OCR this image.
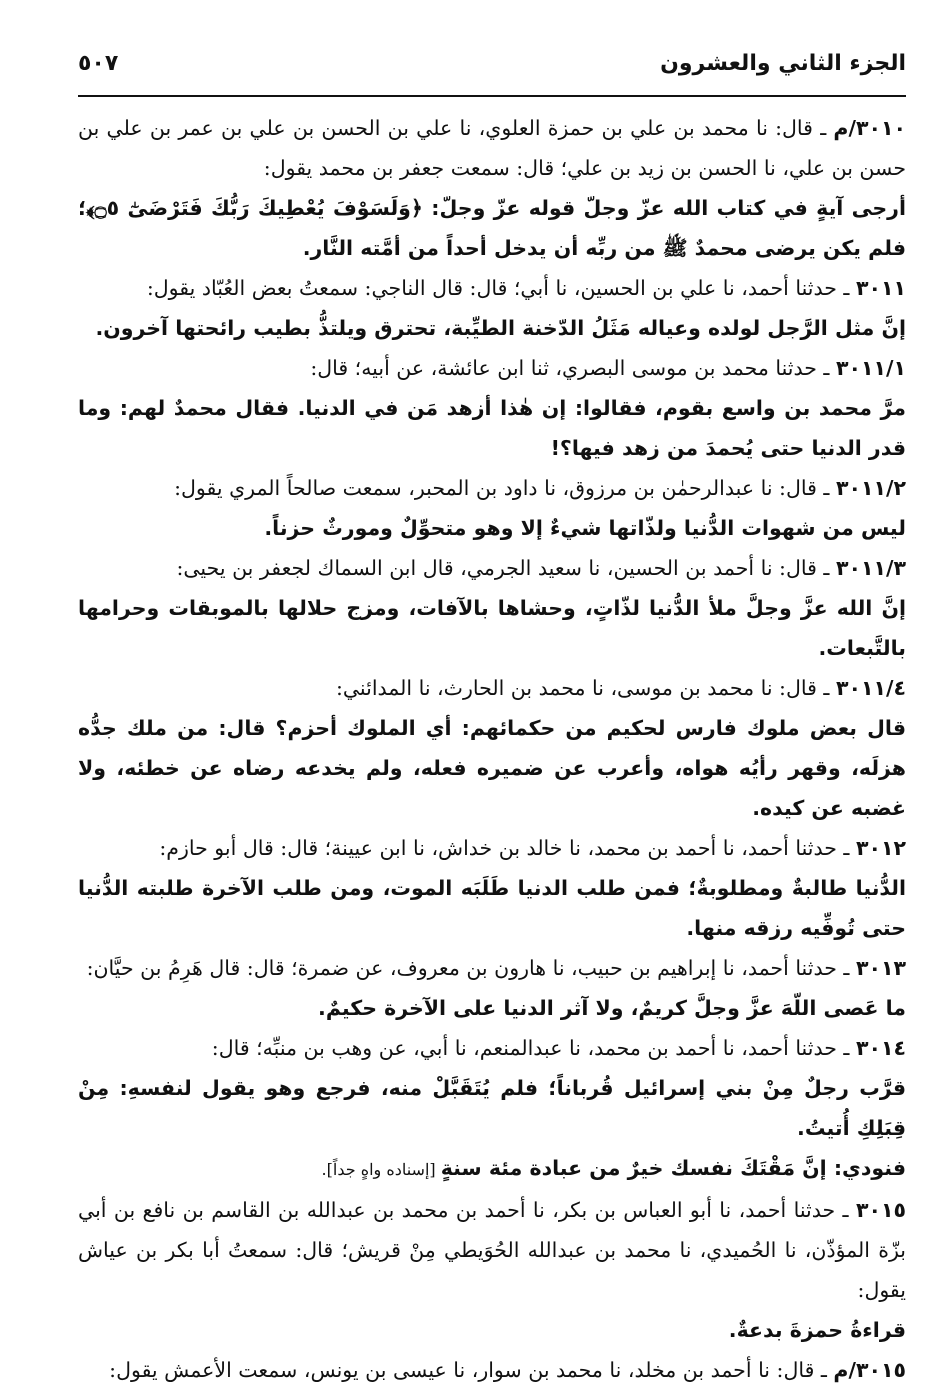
٥٠٧	الجزء الثاني والعشرون

٣٠١٠/م ـ قال: نا محمد بن علي بن حمزة العلوي، نا علي بن الحسن بن علي بن عمر بن علي بن حسن بن علي، نا الحسن بن زيد بن علي؛ قال: سمعت جعفر بن محمد يقول:

أرجى آيةٍ في كتاب الله عزّ وجلّ قوله عزّ وجلّ: ﴿وَلَسَوْفَ يُعْطِيكَ رَبُّكَ فَتَرْضَىٰٓ ۝٥﴾؛ فلم يكن يرضى محمدٌ ﷺ من ربِّه أن يدخل أحداً من أمَّته النَّار.

٣٠١١ ـ حدثنا أحمد، نا علي بن الحسين، نا أبي؛ قال: قال الناجي: سمعتُ بعض العُبّاد يقول:

إنَّ مثل الرَّجل لولده وعياله مَثَلُ الدّخنة الطيِّبة، تحترق ويلتذُّ بطيب رائحتها آخرون.

٣٠١١/١ ـ حدثنا محمد بن موسى البصري، ثنا ابن عائشة، عن أبيه؛ قال:

مرَّ محمد بن واسع بقوم، فقالوا: إن هٰذا أزهد مَن في الدنيا. فقال محمدٌ لهم: وما قدر الدنيا حتى يُحمدَ من زهد فيها؟!

٣٠١١/٢ ـ قال: نا عبدالرحمٰن بن مرزوق، نا داود بن المحبر، سمعت صالحاً المري يقول:

ليس من شهوات الدُّنيا ولذّاتها شيءٌ إلا وهو متحوِّلٌ ومورثٌ حزناً.

٣٠١١/٣ ـ قال: نا أحمد بن الحسين، نا سعيد الجرمي، قال ابن السماك لجعفر بن يحيى:

إنَّ الله عزَّ وجلَّ ملأ الدُّنيا لذّاتٍ، وحشاها بالآفات، ومزج حلالها بالموبقات وحرامها بالتَّبعات.

٣٠١١/٤ ـ قال: نا محمد بن موسى، نا محمد بن الحارث، نا المدائني:

قال بعض ملوك فارس لحكيم من حكمائهم: أي الملوك أحزم؟ قال: من ملك جدُّه هزلَه، وقهر رأيُه هواه، وأعرب عن ضميره فعله، ولم يخدعه رضاه عن خطئه، ولا غضبه عن كيده.

٣٠١٢ ـ حدثنا أحمد، نا أحمد بن محمد، نا خالد بن خداش، نا ابن عيينة؛ قال: قال أبو حازم:

الدُّنيا طالبةٌ ومطلوبةٌ؛ فمن طلب الدنيا طَلَبَه الموت، ومن طلب الآخرة طلبته الدُّنيا حتى تُوفِّيه رزقه منها.

٣٠١٣ ـ حدثنا أحمد، نا إبراهيم بن حبيب، نا هارون بن معروف، عن ضمرة؛ قال: قال هَرِمُ بن حيَّان:

ما عَصى اللّهَ عزَّ وجلَّ كريمٌ، ولا آثر الدنيا على الآخرة حكيمٌ.

٣٠١٤ ـ حدثنا أحمد، نا أحمد بن محمد، نا عبدالمنعم، نا أبي، عن وهب بن منبِّه؛ قال:

قرَّب رجلٌ مِنْ بني إسرائيل قُرباناً؛ فلم يُتَقَبَّلْ منه، فرجع وهو يقول لنفسهِ: مِنْ قِبَلِكِ أُتيتُ.

فنودي: إنَّ مَقْتَكَ نفسك خيرٌ من عبادة مئة سنةٍ [إسناده واهٍ جداً].

٣٠١٥ ـ حدثنا أحمد، نا أبو العباس بن بكر، نا أحمد بن محمد بن عبدالله بن القاسم بن نافع بن أبي بزّة المؤذّن، نا الحُميدي، نا محمد بن عبدالله الحُوَيطي مِنْ قريش؛ قال: سمعتُ أبا بكر بن عياش يقول:

قراءةُ حمزةَ بدعةٌ.

٣٠١٥/م ـ قال: نا أحمد بن مخلد، نا محمد بن سوار، نا عيسى بن يونس، سمعت الأعمش يقول:
